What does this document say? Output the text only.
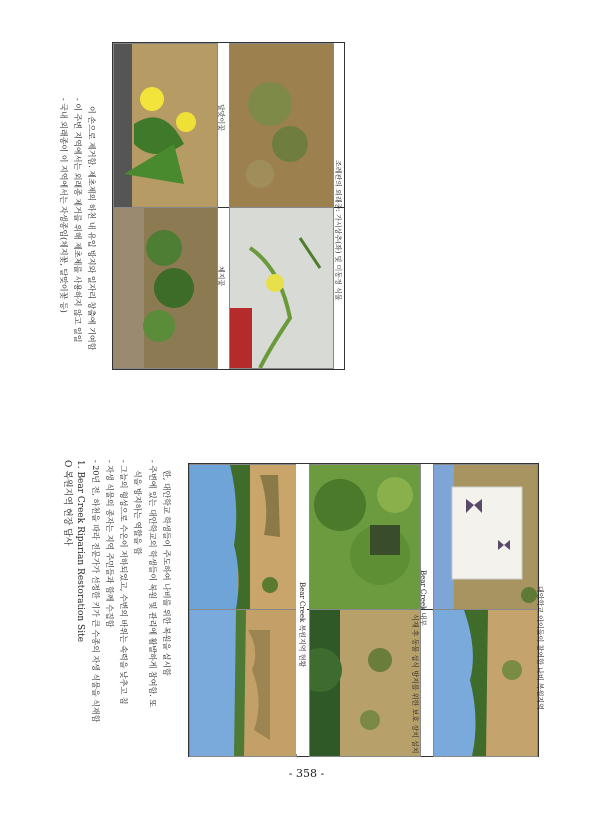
O 복원지역 현장 답사 1. Bear Creek Riparian Restoration Site - 20년 전, 하천을 따라 전문가가 선정한 키가 큰 수종의 자생 식물을 식재함 - 자생 식물의 종자는 지역 주민들과 함께 수집함 - 그늘의 형성으로 수온이 저하되었고, 수변의 바위는 속력을 낮추고 침 식을 방지하는 역할을 함 - 주변에 있는 대안학교의 학생들이 복원 및 관리에 활발하게 참여함. 또 한, 대안학교 학생들이 주도하여 나비를 위한 복원을 실시함	Bear Creek 복원지역 현황	Bear Creek 내부
식재 후 동물 섭식 방지를 위한 보호 장치 설치	대안학교 아이들이 참여한 나비 복원지역
- 국내 외래종이 이 지역에서는 자생종임(체지꽃, 달맞이꽃 등) - 이 주변 지역에서는 외래종 제거를 위해 제초제를 사용하지 않고 일일 이 손으로 제거함. 제초제의 하천 내 유입 방지와 일자리 창출에 기여함	체지꽃
달맞이꽃
조례관의 외래종: 가시상추(좌) 및 미동정 식물
- 358 -
